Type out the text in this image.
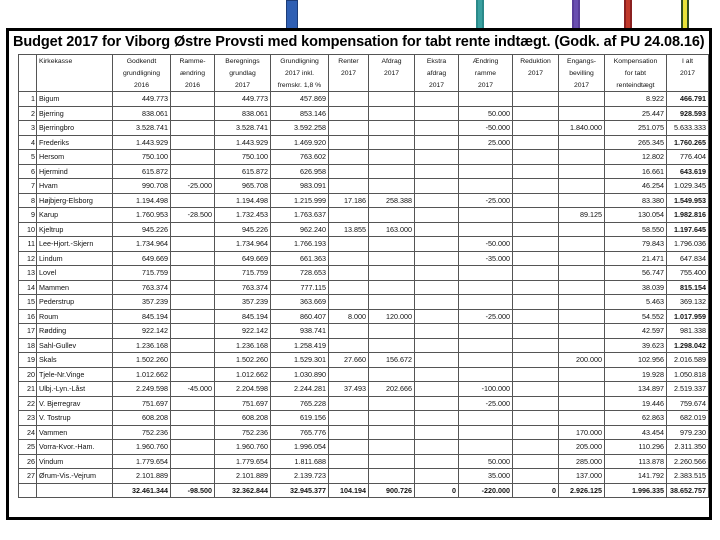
Budget 2017 for Viborg Østre Provsti med kompensation for tabt rente indtægt. (Godk. af PU 24.08.16)
	Kirkekasse	Godkendt	Ramme-	Beregnings	Grundligning	Renter	Afdrag	Ekstra	Ændring	Reduktion	Engangs-	Kompensation	I alt
		grundligning	ændring	grundlag	2017 inkl.	2017	2017	afdrag	ramme	2017	bevilling	for tabt	2017
		2016	2016	2017	fremskr. 1,8 %			2017	2017		2017	renteindtægt	
1	Bigum	449.773		449.773	457.869							8.922	466.791
2	Bjerring	838.061		838.061	853.146				50.000			25.447	928.593
3	Bjerringbro	3.528.741		3.528.741	3.592.258				-50.000		1.840.000	251.075	5.633.333
4	Frederiks	1.443.929		1.443.929	1.469.920				25.000			265.345	1.760.265
5	Hersom	750.100		750.100	763.602							12.802	776.404
6	Hjermind	615.872		615.872	626.958							16.661	643.619
7	Hvam	990.708	-25.000	965.708	983.091							46.254	1.029.345
8	Højbjerg-Elsborg	1.194.498		1.194.498	1.215.999	17.186	258.388		-25.000			83.380	1.549.953
9	Karup	1.760.953	-28.500	1.732.453	1.763.637						89.125	130.054	1.982.816
10	Kjeltrup	945.226		945.226	962.240	13.855	163.000					58.550	1.197.645
11	Lee-Hjort.-Skjern	1.734.964		1.734.964	1.766.193				-50.000			79.843	1.796.036
12	Lindum	649.669		649.669	661.363				-35.000			21.471	647.834
13	Lovel	715.759		715.759	728.653							56.747	755.400
14	Mammen	763.374		763.374	777.115							38.039	815.154
15	Pederstrup	357.239		357.239	363.669							5.463	369.132
16	Roum	845.194		845.194	860.407	8.000	120.000		-25.000			54.552	1.017.959
17	Rødding	922.142		922.142	938.741							42.597	981.338
18	Sahl-Gullev	1.236.168		1.236.168	1.258.419							39.623	1.298.042
19	Skals	1.502.260		1.502.260	1.529.301	27.660	156.672				200.000	102.956	2.016.589
20	Tjele-Nr.Vinge	1.012.662		1.012.662	1.030.890							19.928	1.050.818
21	Ulbj.-Lyn.-Låst	2.249.598	-45.000	2.204.598	2.244.281	37.493	202.666		-100.000			134.897	2.519.337
22	V. Bjerregrav	751.697		751.697	765.228				-25.000			19.446	759.674
23	V. Tostrup	608.208		608.208	619.156							62.863	682.019
24	Vammen	752.236		752.236	765.776						170.000	43.454	979.230
25	Vorra-Kvor.-Ham.	1.960.760		1.960.760	1.996.054						205.000	110.296	2.311.350
26	Vindum	1.779.654		1.779.654	1.811.688				50.000		285.000	113.878	2.260.566
27	Ørum-Vis.-Vejrum	2.101.889		2.101.889	2.139.723				35.000		137.000	141.792	2.383.515
		32.461.344	-98.500	32.362.844	32.945.377	104.194	900.726	0	-220.000	0	2.926.125	1.996.335	38.652.757
